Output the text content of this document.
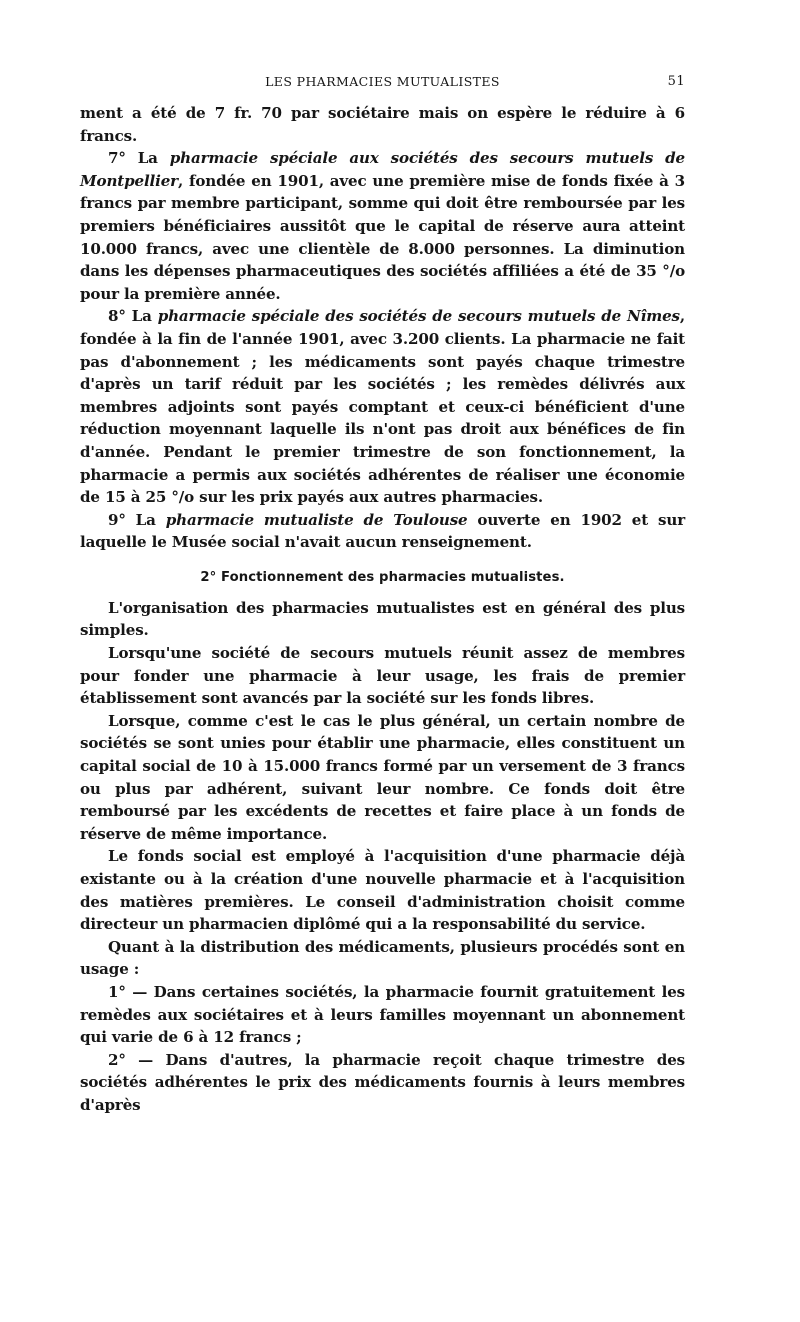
LES PHARMACIES MUTUALISTES	51

ment a été de 7 fr. 70 par sociétaire mais on espère le réduire à 6 francs.

7° La pharmacie spéciale aux sociétés des secours mutuels de Montpellier, fondée en 1901, avec une première mise de fonds fixée à 3 francs par membre participant, somme qui doit être remboursée par les premiers bénéficiaires aussitôt que le capital de réserve aura atteint 10.000 francs, avec une clientèle de 8.000 personnes. La diminution dans les dépenses pharmaceutiques des sociétés affiliées a été de 35 °/o pour la première année.

8° La pharmacie spéciale des sociétés de secours mutuels de Nîmes, fondée à la fin de l'année 1901, avec 3.200 clients. La pharmacie ne fait pas d'abonnement ; les médicaments sont payés chaque trimestre d'après un tarif réduit par les sociétés ; les remèdes délivrés aux membres adjoints sont payés comptant et ceux-ci bénéficient d'une réduction moyennant laquelle ils n'ont pas droit aux bénéfices de fin d'année. Pendant le premier trimestre de son fonctionnement, la pharmacie a permis aux sociétés adhérentes de réaliser une économie de 15 à 25 °/o sur les prix payés aux autres pharmacies.

9° La pharmacie mutualiste de Toulouse ouverte en 1902 et sur laquelle le Musée social n'avait aucun renseignement.

2° Fonctionnement des pharmacies mutualistes.

L'organisation des pharmacies mutualistes est en général des plus simples.

Lorsqu'une société de secours mutuels réunit assez de membres pour fonder une pharmacie à leur usage, les frais de premier établissement sont avancés par la société sur les fonds libres.

Lorsque, comme c'est le cas le plus général, un certain nombre de sociétés se sont unies pour établir une pharmacie, elles constituent un capital social de 10 à 15.000 francs formé par un versement de 3 francs ou plus par adhérent, suivant leur nombre. Ce fonds doit être remboursé par les excédents de recettes et faire place à un fonds de réserve de même importance.

Le fonds social est employé à l'acquisition d'une pharmacie déjà existante ou à la création d'une nouvelle pharmacie et à l'acquisition des matières premières. Le conseil d'administration choisit comme directeur un pharmacien diplômé qui a la responsabilité du service.

Quant à la distribution des médicaments, plusieurs procédés sont en usage :

1° — Dans certaines sociétés, la pharmacie fournit gratuitement les remèdes aux sociétaires et à leurs familles moyennant un abonnement qui varie de 6 à 12 francs ;

2° — Dans d'autres, la pharmacie reçoit chaque trimestre des sociétés adhérentes le prix des médicaments fournis à leurs membres d'après
